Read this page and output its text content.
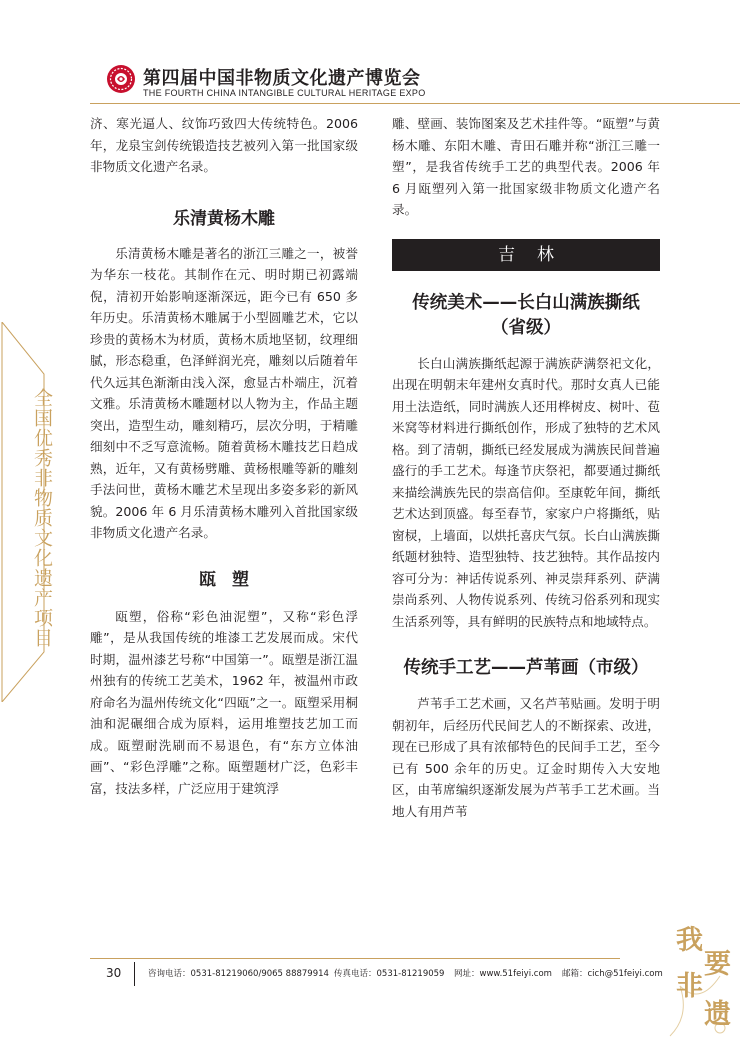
第四届中国非物质文化遗产博览会
THE FOURTH CHINA INTANGIBLE CULTURAL HERITAGE EXPO
全国优秀非物质文化遗产项目

济、寒光逼人、纹饰巧致四大传统特色。2006 年，龙泉宝剑传统锻造技艺被列入第一批国家级非物质文化遗产名录。

乐清黄杨木雕

乐清黄杨木雕是著名的浙江三雕之一，被誉为华东一枝花。其制作在元、明时期已初露端倪，清初开始影响逐渐深远，距今已有 650 多年历史。乐清黄杨木雕属于小型圆雕艺术，它以珍贵的黄杨木为材质，黄杨木质地坚韧，纹理细腻，形态稳重，色泽鲜润光亮，雕刻以后随着年代久远其色渐渐由浅入深，愈显古朴端庄，沉着文雅。乐清黄杨木雕题材以人物为主，作品主题突出，造型生动，雕刻精巧，层次分明，于精雕细刻中不乏写意流畅。随着黄杨木雕技艺日趋成熟，近年，又有黄杨劈雕、黄杨根雕等新的雕刻手法问世，黄杨木雕艺术呈现出多姿多彩的新风貌。2006 年 6 月乐清黄杨木雕列入首批国家级非物质文化遗产名录。

瓯塑

瓯塑，俗称“彩色油泥塑”，又称“彩色浮雕”，是从我国传统的堆漆工艺发展而成。宋代时期，温州漆艺号称“中国第一”。瓯塑是浙江温州独有的传统工艺美术，1962 年，被温州市政府命名为温州传统文化“四瓯”之一。瓯塑采用桐油和泥碾细合成为原料，运用堆塑技艺加工而成。瓯塑耐洗刷而不易退色，有“东方立体油画”、“彩色浮雕”之称。瓯塑题材广泛，色彩丰富，技法多样，广泛应用于建筑浮

雕、壁画、装饰图案及艺术挂件等。“瓯塑”与黄杨木雕、东阳木雕、青田石雕并称“浙江三雕一塑”，是我省传统手工艺的典型代表。2006 年 6 月瓯塑列入第一批国家级非物质文化遗产名录。

吉林
传统美术——长白山满族撕纸
（省级）

长白山满族撕纸起源于满族萨满祭祀文化，出现在明朝末年建州女真时代。那时女真人已能用土法造纸，同时满族人还用桦树皮、树叶、苞米窝等材料进行撕纸创作，形成了独特的艺术风格。到了清朝，撕纸已经发展成为满族民间普遍盛行的手工艺术。每逢节庆祭祀，都要通过撕纸来描绘满族先民的崇高信仰。至康乾年间，撕纸艺术达到顶盛。每至春节，家家户户将撕纸，贴窗棂，上墙面，以烘托喜庆气氛。长白山满族撕纸题材独特、造型独特、技艺独特。其作品按内容可分为：神话传说系列、神灵崇拜系列、萨满崇尚系列、人物传说系列、传统习俗系列和现实生活系列等，具有鲜明的民族特点和地域特点。

传统手工艺——芦苇画（市级）

芦苇手工艺术画，又名芦苇贴画。发明于明朝初年，后经历代民间艺人的不断探索、改进，现在已形成了具有浓郁特色的民间手工艺，至今已有 500 余年的历史。辽金时期传入大安地区，由苇席编织逐渐发展为芦苇手工艺术画。当地人有用芦苇

30	咨询电话：0531-81219060/9065 88879914 传真电话：0531-81219059 网址：www.51feiyi.com 邮箱：cich@51feiyi.com
我
要
非
遗
